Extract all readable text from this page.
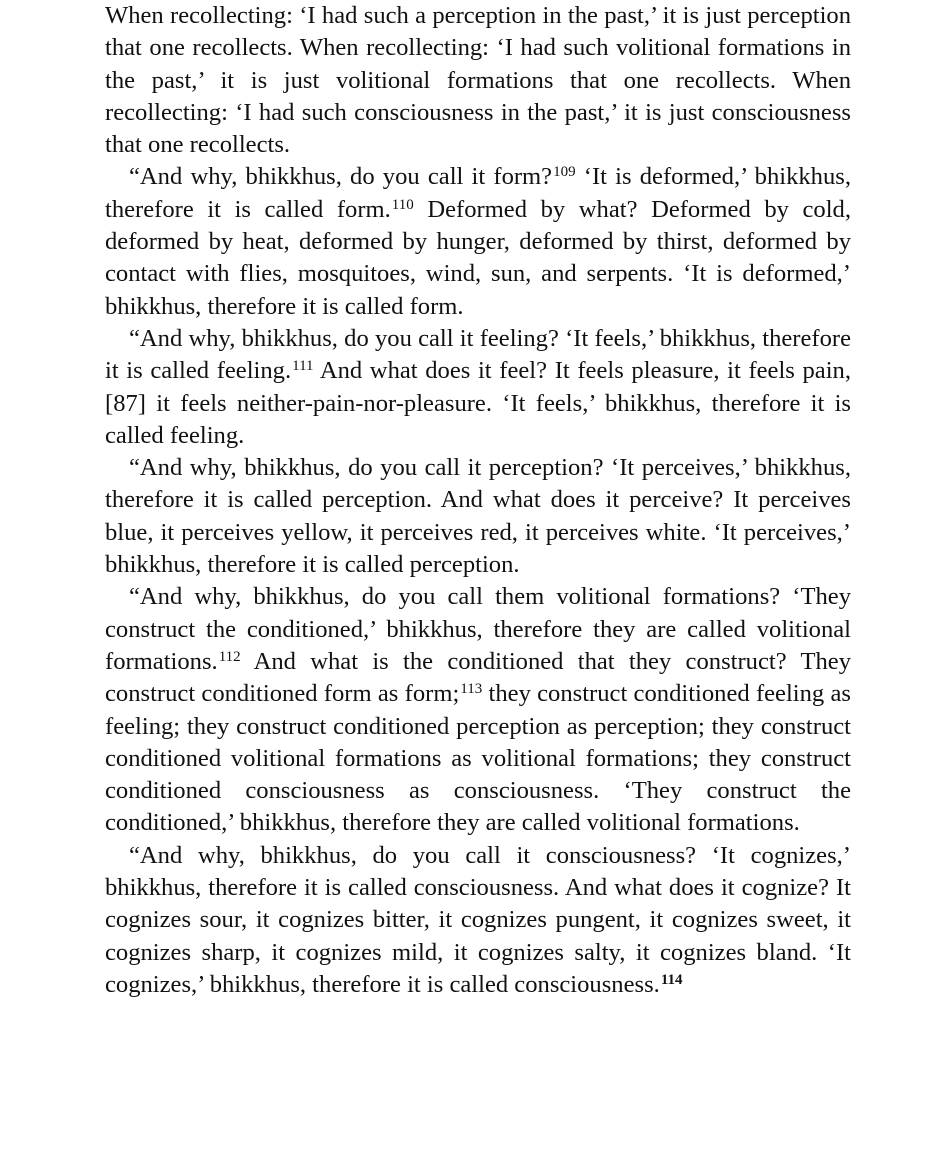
When recollecting: ‘I had such a perception in the past,’ it is just perception that one recollects. When recollecting: ‘I had such volitional formations in the past,’ it is just volitional formations that one recollects. When recollecting: ‘I had such consciousness in the past,’ it is just consciousness that one recollects.

“And why, bhikkhus, do you call it form?$^{109}$ ‘It is deformed,’ bhikkhus, therefore it is called form.$^{110}$ Deformed by what? Deformed by cold, deformed by heat, deformed by hunger, deformed by thirst, deformed by contact with flies, mosquitoes, wind, sun, and serpents. ‘It is deformed,’ bhikkhus, therefore it is called form.

“And why, bhikkhus, do you call it feeling? ‘It feels,’ bhikkhus, therefore it is called feeling.$^{111}$ And what does it feel? It feels pleasure, it feels pain, [87] it feels neither-pain-nor-pleasure. ‘It feels,’ bhikkhus, therefore it is called feeling.

“And why, bhikkhus, do you call it perception? ‘It perceives,’ bhikkhus, therefore it is called perception. And what does it perceive? It perceives blue, it perceives yellow, it perceives red, it perceives white. ‘It perceives,’ bhikkhus, therefore it is called perception.

“And why, bhikkhus, do you call them volitional formations? ‘They construct the conditioned,’ bhikkhus, therefore they are called volitional formations.$^{112}$ And what is the conditioned that they construct? They construct conditioned form as form;$^{113}$ they construct conditioned feeling as feeling; they construct conditioned perception as perception; they construct conditioned volitional formations as volitional formations; they construct conditioned consciousness as consciousness. ‘They construct the conditioned,’ bhikkhus, therefore they are called volitional formations.

“And why, bhikkhus, do you call it consciousness? ‘It cognizes,’ bhikkhus, therefore it is called consciousness. And what does it cognize? It cognizes sour, it cognizes bitter, it cognizes pungent, it cognizes sweet, it cognizes sharp, it cognizes mild, it cognizes salty, it cognizes bland. ‘It cognizes,’ bhikkhus, therefore it is called consciousness.$^{114}$
